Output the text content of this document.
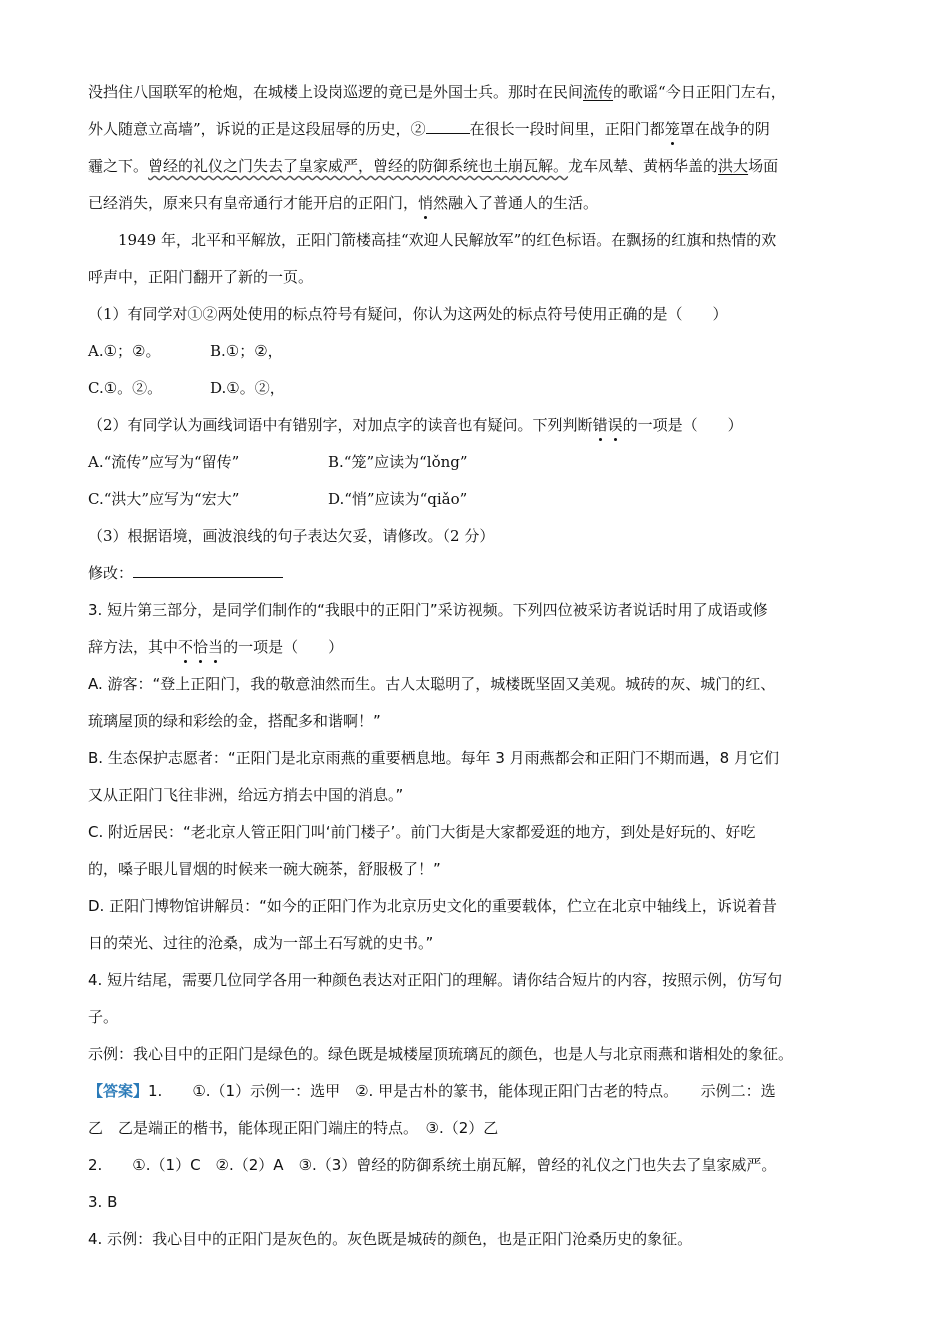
没挡住八国联军的枪炮，在城楼上设岗巡逻的竟已是外国士兵。那时在民间流传的歌谣“今日正阳门左右，
外人随意立高墙”，诉说的正是这段屈辱的历史，②	在很长一段时间里，正阳门都笼罩在战争的阴
霾之下。曾经的礼仪之门失去了皇家威严，曾经的防御系统也土崩瓦解。龙车凤辇、黄柄华盖的洪大场面
已经消失，原来只有皇帝通行才能开启的正阳门，悄然融入了普通人的生活。
1949 年，北平和平解放，正阳门箭楼高挂“欢迎人民解放军”的红色标语。在飘扬的红旗和热情的欢
呼声中，正阳门翻开了新的一页。
（1）有同学对①②两处使用的标点符号有疑问，你认为这两处的标点符号使用正确的是（　　）
A.①；②。	B.①；②，
C.①。②。	D.①。②，
（2）有同学认为画线词语中有错别字，对加点字的读音也有疑问。下列判断错误的一项是（　　）
A.“流传”应写为“留传”	B.“笼”应读为“lǒng”
C.“洪大”应写为“宏大”	D.“悄”应读为“qiǎo”
（3）根据语境，画波浪线的句子表达欠妥，请修改。（2 分）
修改：
3. 短片第三部分，是同学们制作的“我眼中的正阳门”采访视频。下列四位被采访者说话时用了成语或修
辞方法，其中不恰当的一项是（　　）
A. 游客：“登上正阳门，我的敬意油然而生。古人太聪明了，城楼既坚固又美观。城砖的灰、城门的红、
琉璃屋顶的绿和彩绘的金，搭配多和谐啊！”
B. 生态保护志愿者：“正阳门是北京雨燕的重要栖息地。每年 3 月雨燕都会和正阳门不期而遇，8 月它们
又从正阳门飞往非洲，给远方捎去中国的消息。”
C. 附近居民：“老北京人管正阳门叫‘前门楼子’。前门大街是大家都爱逛的地方，到处是好玩的、好吃
的，嗓子眼儿冒烟的时候来一碗大碗茶，舒服极了！”
D. 正阳门博物馆讲解员：“如今的正阳门作为北京历史文化的重要载体，伫立在北京中轴线上，诉说着昔
日的荣光、过往的沧桑，成为一部土石写就的史书。”
4. 短片结尾，需要几位同学各用一种颜色表达对正阳门的理解。请你结合短片的内容，按照示例，仿写句
子。
示例：我心目中的正阳门是绿色的。绿色既是城楼屋顶琉璃瓦的颜色，也是人与北京雨燕和谐相处的象征。
【答案】1.　　①.（1）示例一：选甲　②. 甲是古朴的篆书，能体现正阳门古老的特点。　　示例二：选
乙　乙是端正的楷书，能体现正阳门端庄的特点。　③.（2）乙
2.　　①.（1）C　②.（2）A　③.（3）曾经的防御系统土崩瓦解，曾经的礼仪之门也失去了皇家威严。
3. B
4. 示例：我心目中的正阳门是灰色的。灰色既是城砖的颜色，也是正阳门沧桑历史的象征。
